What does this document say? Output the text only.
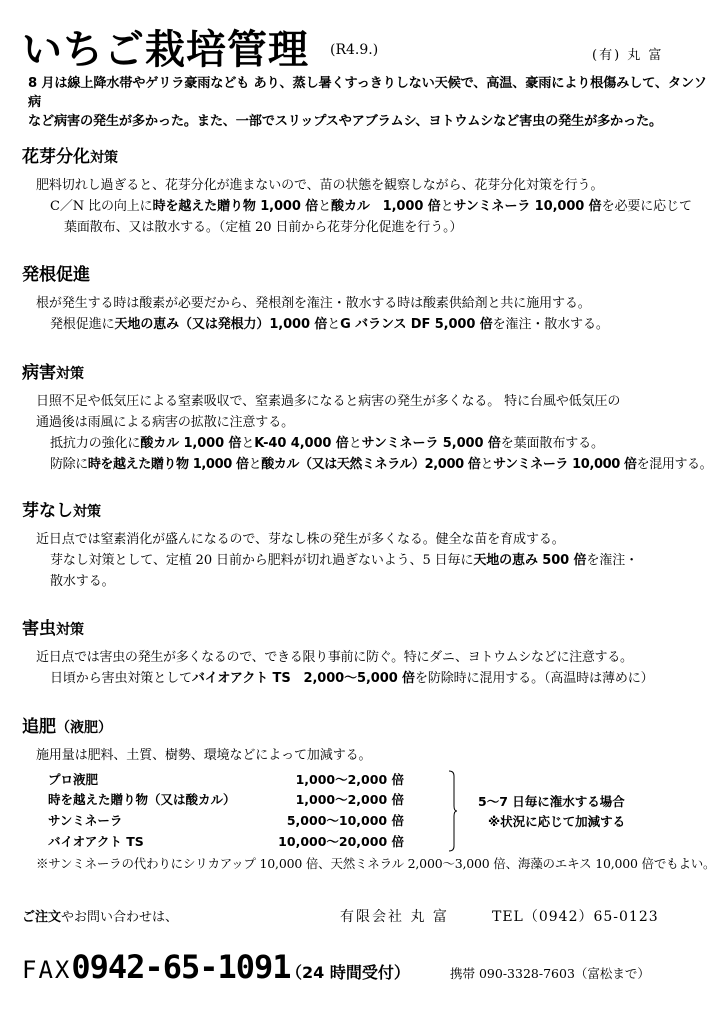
いちご栽培管理 (R4.9.)	(有) 丸 富
8 月は線上降水帯やゲリラ豪雨なども あり、蒸し暑くすっきりしない天候で、高温、豪雨により根傷みして、タンソ病
など病害の発生が多かった。また、一部でスリップスやアブラムシ、ヨトウムシなど害虫の発生が多かった。
花芽分化対策

肥料切れし過ぎると、花芽分化が進まないので、苗の状態を観察しながら、花芽分化対策を行う。

C／N 比の向上に時を越えた贈り物 1,000 倍と酸カル　1,000 倍とサンミネーラ 10,000 倍を必要に応じて

葉面散布、又は散水する。（定植 20 日前から花芽分化促進を行う。）

発根促進

根が発生する時は酸素が必要だから、発根剤を潅注・散水する時は酸素供給剤と共に施用する。

発根促進に天地の恵み（又は発根力）1,000 倍とG バランス DF 5,000 倍を潅注・散水する。

病害対策

日照不足や低気圧による窒素吸収で、窒素過多になると病害の発生が多くなる。 特に台風や低気圧の

通過後は雨風による病害の拡散に注意する。

抵抗力の強化に酸カル 1,000 倍とK-40 4,000 倍とサンミネーラ 5,000 倍を葉面散布する。

防除に時を越えた贈り物 1,000 倍と酸カル（又は天然ミネラル）2,000 倍とサンミネーラ 10,000 倍を混用する。

芽なし対策

近日点では窒素消化が盛んになるので、芽なし株の発生が多くなる。健全な苗を育成する。

芽なし対策として、定植 20 日前から肥料が切れ過ぎないよう、5 日毎に天地の恵み 500 倍を潅注・

散水する。

害虫対策

近日点では害虫の発生が多くなるので、できる限り事前に防ぐ。特にダニ、ヨトウムシなどに注意する。

日頃から害虫対策としてバイオアクト TS　2,000～5,000 倍を防除時に混用する。（高温時は薄めに）

追肥（液肥）

施用量は肥料、土質、樹勢、環境などによって加減する。

プロ液肥	1,000～2,000 倍
時を越えた贈り物（又は酸カル）	1,000～2,000 倍
サンミネーラ	5,000～10,000 倍
バイオアクト TS	10,000～20,000 倍
5～7 日毎に潅水する場合
※状況に応じて加減する
※サンミネーラの代わりにシリカアップ 10,000 倍、天然ミネラル 2,000～3,000 倍、海藻のエキス 10,000 倍でもよい。
ご注文やお問い合わせは、	有限会社 丸 富	TEL（0942）65-0123
FAX0942-65-1091
（24 時間受付）	携帯 090-3328-7603（富松まで）
